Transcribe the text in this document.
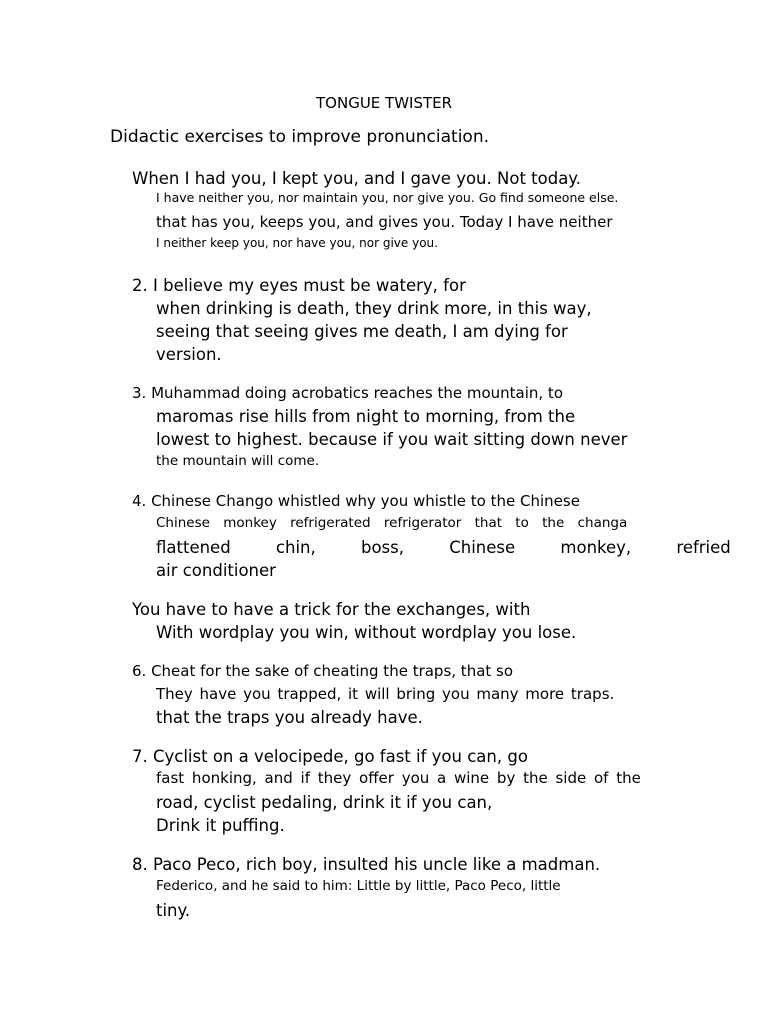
TONGUE TWISTER
Didactic exercises to improve pronunciation.
When I had you, I kept you, and I gave you. Not today.
I have neither you, nor maintain you, nor give you. Go find someone else.
that has you, keeps you, and gives you. Today I have neither
I neither keep you, nor have you, nor give you.
2. I believe my eyes must be watery, for
when drinking is death, they drink more, in this way,
seeing that seeing gives me death, I am dying for
version.
3. Muhammad doing acrobatics reaches the mountain, to
maromas rise hills from night to morning, from the
lowest to highest. because if you wait sitting down never
the mountain will come.
4. Chinese Chango whistled why you whistle to the Chinese
Chinese monkey refrigerated refrigerator that to the changa
flattened chin, boss, Chinese monkey, refried
air conditioner
You have to have a trick for the exchanges, with
With wordplay you win, without wordplay you lose.
6. Cheat for the sake of cheating the traps, that so
They have you trapped, it will bring you many more traps.
that the traps you already have.
7. Cyclist on a velocipede, go fast if you can, go
fast honking, and if they offer you a wine by the side of the
road, cyclist pedaling, drink it if you can,
Drink it puffing.
8. Paco Peco, rich boy, insulted his uncle like a madman.
Federico, and he said to him: Little by little, Paco Peco, little
tiny.
